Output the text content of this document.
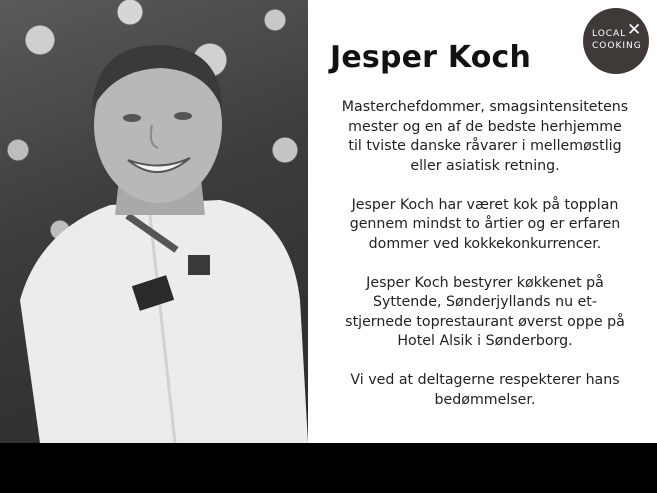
Jesper Koch

Masterchefdommer, smagsintensitetens mester og en af de bedste herhjemme til tviste danske råvarer i mellemøstlig eller asiatisk retning.

Jesper Koch har været kok på topplan gennem mindst to årtier og er erfaren dommer ved kokkekonkurrencer.

Jesper Koch bestyrer køkkenet på Syttende, Sønderjyllands nu et-stjernede toprestaurant øverst oppe på Hotel Alsik i Sønderborg.

Vi ved at deltagerne respekterer hans bedømmelser.

LOCAL ✕
COOKING
